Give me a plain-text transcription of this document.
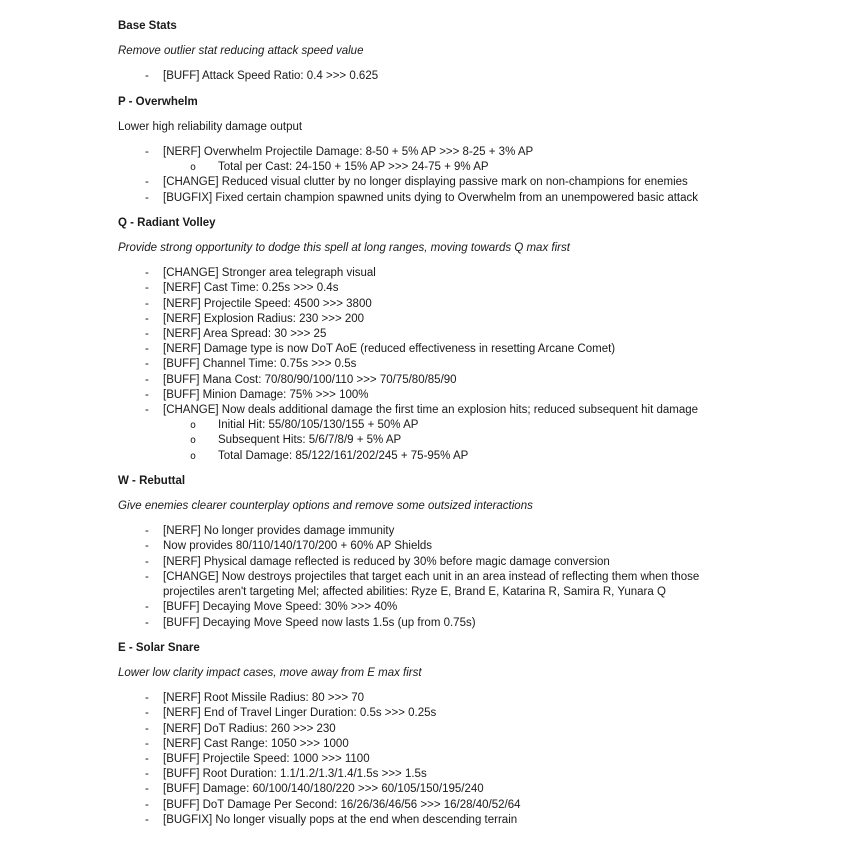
Base Stats

Remove outlier stat reducing attack speed value

-	[BUFF] Attack Speed Ratio: 0.4 >>> 0.625
P - Overwhelm

Lower high reliability damage output

-	[NERF] Overwhelm Projectile Damage: 8-50 + 5% AP >>> 8-25 + 3% AP
o	Total per Cast: 24-150 + 15% AP >>> 24-75 + 9% AP
-	[CHANGE] Reduced visual clutter by no longer displaying passive mark on non-champions for enemies
-	[BUGFIX] Fixed certain champion spawned units dying to Overwhelm from an unempowered basic attack
Q - Radiant Volley

Provide strong opportunity to dodge this spell at long ranges, moving towards Q max first

-	[CHANGE] Stronger area telegraph visual
-	[NERF] Cast Time: 0.25s >>> 0.4s
-	[NERF] Projectile Speed: 4500 >>> 3800
-	[NERF] Explosion Radius: 230 >>> 200
-	[NERF] Area Spread: 30 >>> 25
-	[NERF] Damage type is now DoT AoE (reduced effectiveness in resetting Arcane Comet)
-	[BUFF] Channel Time: 0.75s >>> 0.5s
-	[BUFF] Mana Cost: 70/80/90/100/110 >>> 70/75/80/85/90
-	[BUFF] Minion Damage: 75% >>> 100%
-	[CHANGE] Now deals additional damage the first time an explosion hits; reduced subsequent hit damage
o	Initial Hit: 55/80/105/130/155 + 50% AP
o	Subsequent Hits: 5/6/7/8/9 + 5% AP
o	Total Damage: 85/122/161/202/245 + 75-95% AP
W - Rebuttal

Give enemies clearer counterplay options and remove some outsized interactions

-	[NERF] No longer provides damage immunity
-	Now provides 80/110/140/170/200 + 60% AP Shields
-	[NERF] Physical damage reflected is reduced by 30% before magic damage conversion
-	[CHANGE] Now destroys projectiles that target each unit in an area instead of reflecting them when those projectiles aren't targeting Mel; affected abilities: Ryze E, Brand E, Katarina R, Samira R, Yunara Q
-	[BUFF] Decaying Move Speed: 30% >>> 40%
-	[BUFF] Decaying Move Speed now lasts 1.5s (up from 0.75s)
E - Solar Snare

Lower low clarity impact cases, move away from E max first

-	[NERF] Root Missile Radius: 80 >>> 70
-	[NERF] End of Travel Linger Duration: 0.5s >>> 0.25s
-	[NERF] DoT Radius: 260 >>> 230
-	[NERF] Cast Range: 1050 >>> 1000
-	[BUFF] Projectile Speed: 1000 >>> 1100
-	[BUFF] Root Duration: 1.1/1.2/1.3/1.4/1.5s >>> 1.5s
-	[BUFF] Damage: 60/100/140/180/220 >>> 60/105/150/195/240
-	[BUFF] DoT Damage Per Second: 16/26/36/46/56 >>> 16/28/40/52/64
-	[BUGFIX] No longer visually pops at the end when descending terrain
